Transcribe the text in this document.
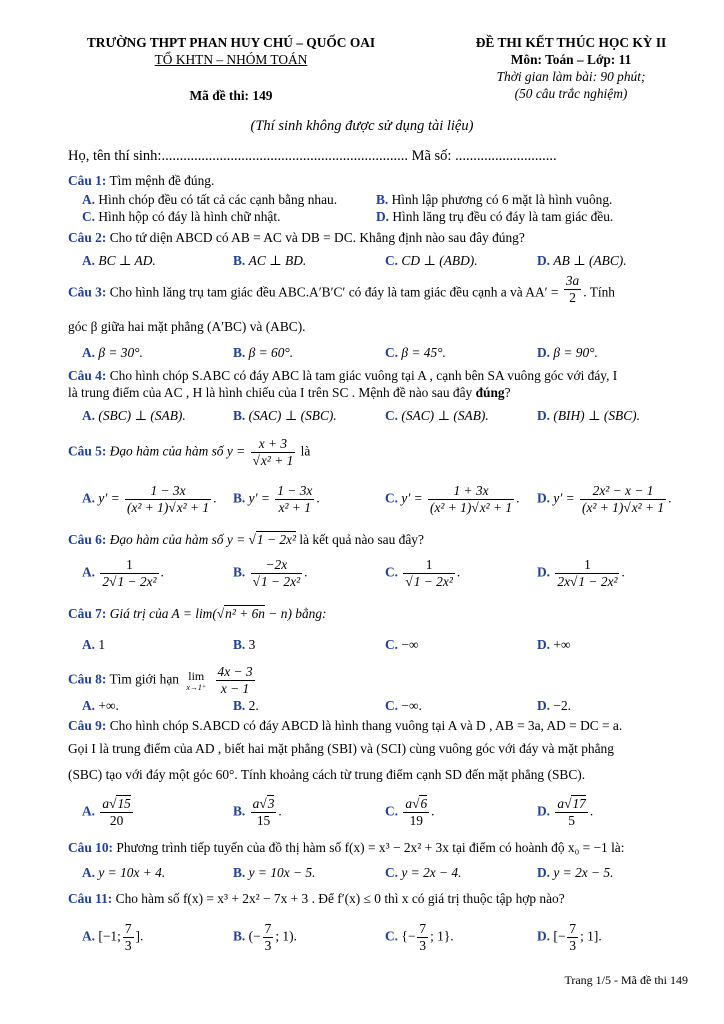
TRƯỜNG THPT PHAN HUY CHÚ – QUỐC OAI
TỔ KHTN – NHÓM TOÁN
Mã đề thi: 149
ĐỀ THI KẾT THÚC HỌC KỲ II
Môn: Toán – Lớp: 11
Thời gian làm bài: 90 phút;
(50 câu trắc nghiệm)
(Thí sinh không được sử dụng tài liệu)
Họ, tên thí sinh:.................................................................... Mã số: ............................
Câu 1: Tìm mệnh đề đúng.
A. Hình chóp đều có tất cả các cạnh bằng nhau.	B. Hình lập phương có 6 mặt là hình vuông.
C. Hình hộp có đáy là hình chữ nhật.	D. Hình lăng trụ đều có đáy là tam giác đều.
Câu 2: Cho tứ diện ABCD có AB = AC và DB = DC. Khẳng định nào sau đây đúng?
A. BC ⊥ AD.	B. AC ⊥ BD.	C. CD ⊥ (ABD).	D. AB ⊥ (ABC).
Câu 3: Cho hình lăng trụ tam giác đều ABC.A′B′C′ có đáy là tam giác đều cạnh a và $AA' = \frac{3a}{2}$ . Tính
góc β giữa hai mặt phẳng (A′BC) và (ABC).
A. β = 30°.	B. β = 60°.	C. β = 45°.	D. β = 90°.
Câu 4: Cho hình chóp S.ABC có đáy ABC là tam giác vuông tại A , cạnh bên SA vuông góc với đáy, I
là trung điểm của AC , H là hình chiếu của I trên SC . Mệnh đề nào sau đây đúng?
A. (SBC) ⊥ (SAB).	B. (SAC) ⊥ (SBC).	C. (SAC) ⊥ (SAB).	D. (BIH) ⊥ (SBC).
Câu 5: Đạo hàm của hàm số $y = \frac{x + 3}{\text{√x² + 1}}$ là
A. $y' = \frac{1 - 3x}{\text{(x² + 1)√x² + 1}}$ . B. $y' = \frac{1 - 3x}{\text{x² + 1}}$ .	C. $y' = \frac{1 + 3x}{\text{(x² + 1)√x² + 1}}$ . D. $y' = \frac{\text{2x² − x − 1}}{\text{(x² + 1)√x² + 1}}$ .
Câu 6: Đạo hàm của hàm số y = √1 − 2x² là kết quả nào sau đây?
A. $\frac{1}{\text{2√1 − 2x²}}$ .	B. $\frac{-2x}{\text{√1 − 2x²}}$ .	C. $\frac{1}{\text{√1 − 2x²}}$ .	D. $\frac{1}{\text{2x√1 − 2x²}}$ .
Câu 7: Giá trị của A = lim(√n² + 6n − n) bằng:
A. 1	B. 3	C. −∞	D. +∞
Câu 8: Tìm giới hạn lim
x→1⁺
$\frac{4x - 3}{x - 1}$
A. +∞.	B. 2.	C. −∞.	D. −2.
Câu 9: Cho hình chóp S.ABCD có đáy ABCD là hình thang vuông tại A và D , AB = 3a, AD = DC = a.
Gọi I là trung điểm của AD , biết hai mặt phẳng (SBI) và (SCI) cùng vuông góc với đáy và mặt phẳng
(SBC) tạo với đáy một góc 60°. Tính khoảng cách từ trung điểm cạnh SD đến mặt phẳng (SBC).
A. $\frac{a√15}{20}$	B. $\frac{a√3}{15}$ .	C. $\frac{a√6}{19}$ .	D. $\frac{a√17}{5}$ .
Câu 10: Phương trình tiếp tuyến của đồ thị hàm số f(x) = x³ − 2x² + 3x tại điểm có hoành độ x₀ = −1 là:
A. y = 10x + 4.	B. y = 10x − 5.	C. y = 2x − 4.	D. y = 2x − 5.
Câu 11: Cho hàm số f(x) = x³ + 2x² − 7x + 3 . Để f′(x) ≤ 0 thì x có giá trị thuộc tập hợp nào?
A. [−1; $\frac{7}{3}$ ].	B. (− $\frac{7}{3}$ ; 1).	C. {− $\frac{7}{3}$ ; 1}.	D. [− $\frac{7}{3}$ ; 1].
Trang 1/5 - Mã đề thi 149
